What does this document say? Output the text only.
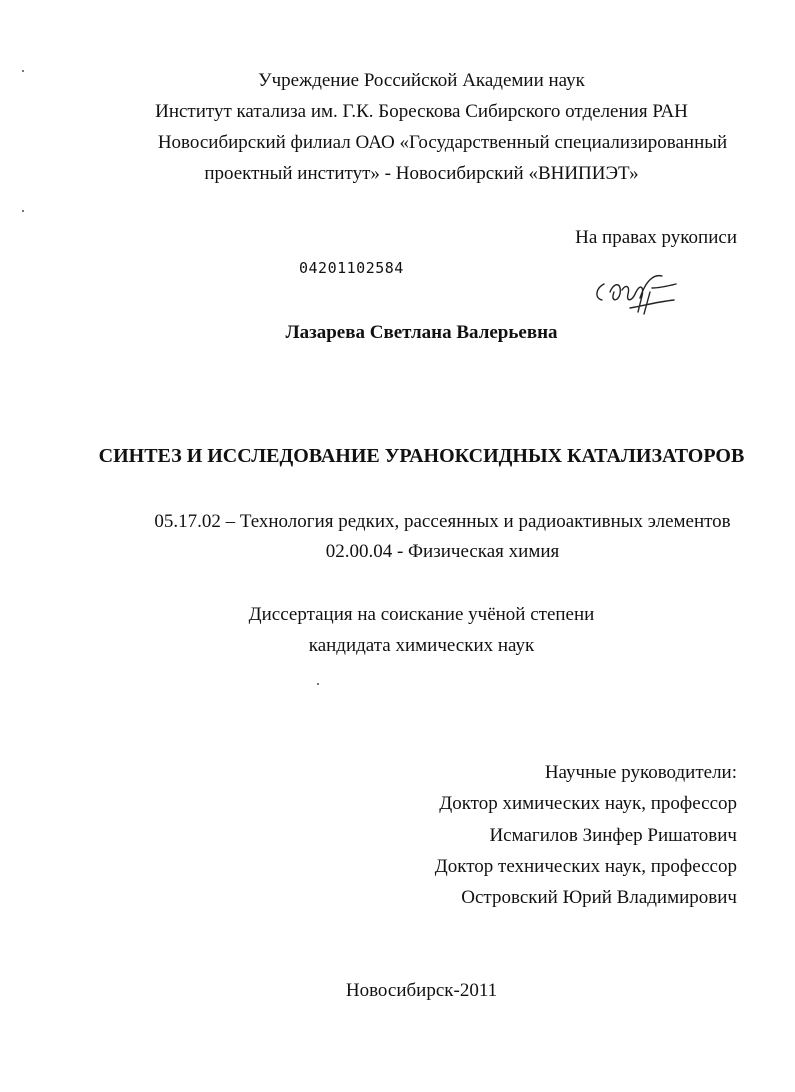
Учреждение Российской Академии наук
Институт катализа им. Г.К. Борескова Сибирского отделения РАН
Новосибирский филиал ОАО «Государственный специализированный
проектный институт» - Новосибирский «ВНИПИЭТ»
На правах рукописи
04201102584
Лазарева Светлана Валерьевна
СИНТЕЗ И ИССЛЕДОВАНИЕ УРАНОКСИДНЫХ КАТАЛИЗАТОРОВ
05.17.02 – Технология редких, рассеянных и радиоактивных элементов
02.00.04 - Физическая химия
Диссертация на соискание учёной степени
кандидата химических наук
Научные руководители:
Доктор химических наук, профессор
Исмагилов Зинфер Ришатович
Доктор технических наук, профессор
Островский Юрий Владимирович
Новосибирск-2011
